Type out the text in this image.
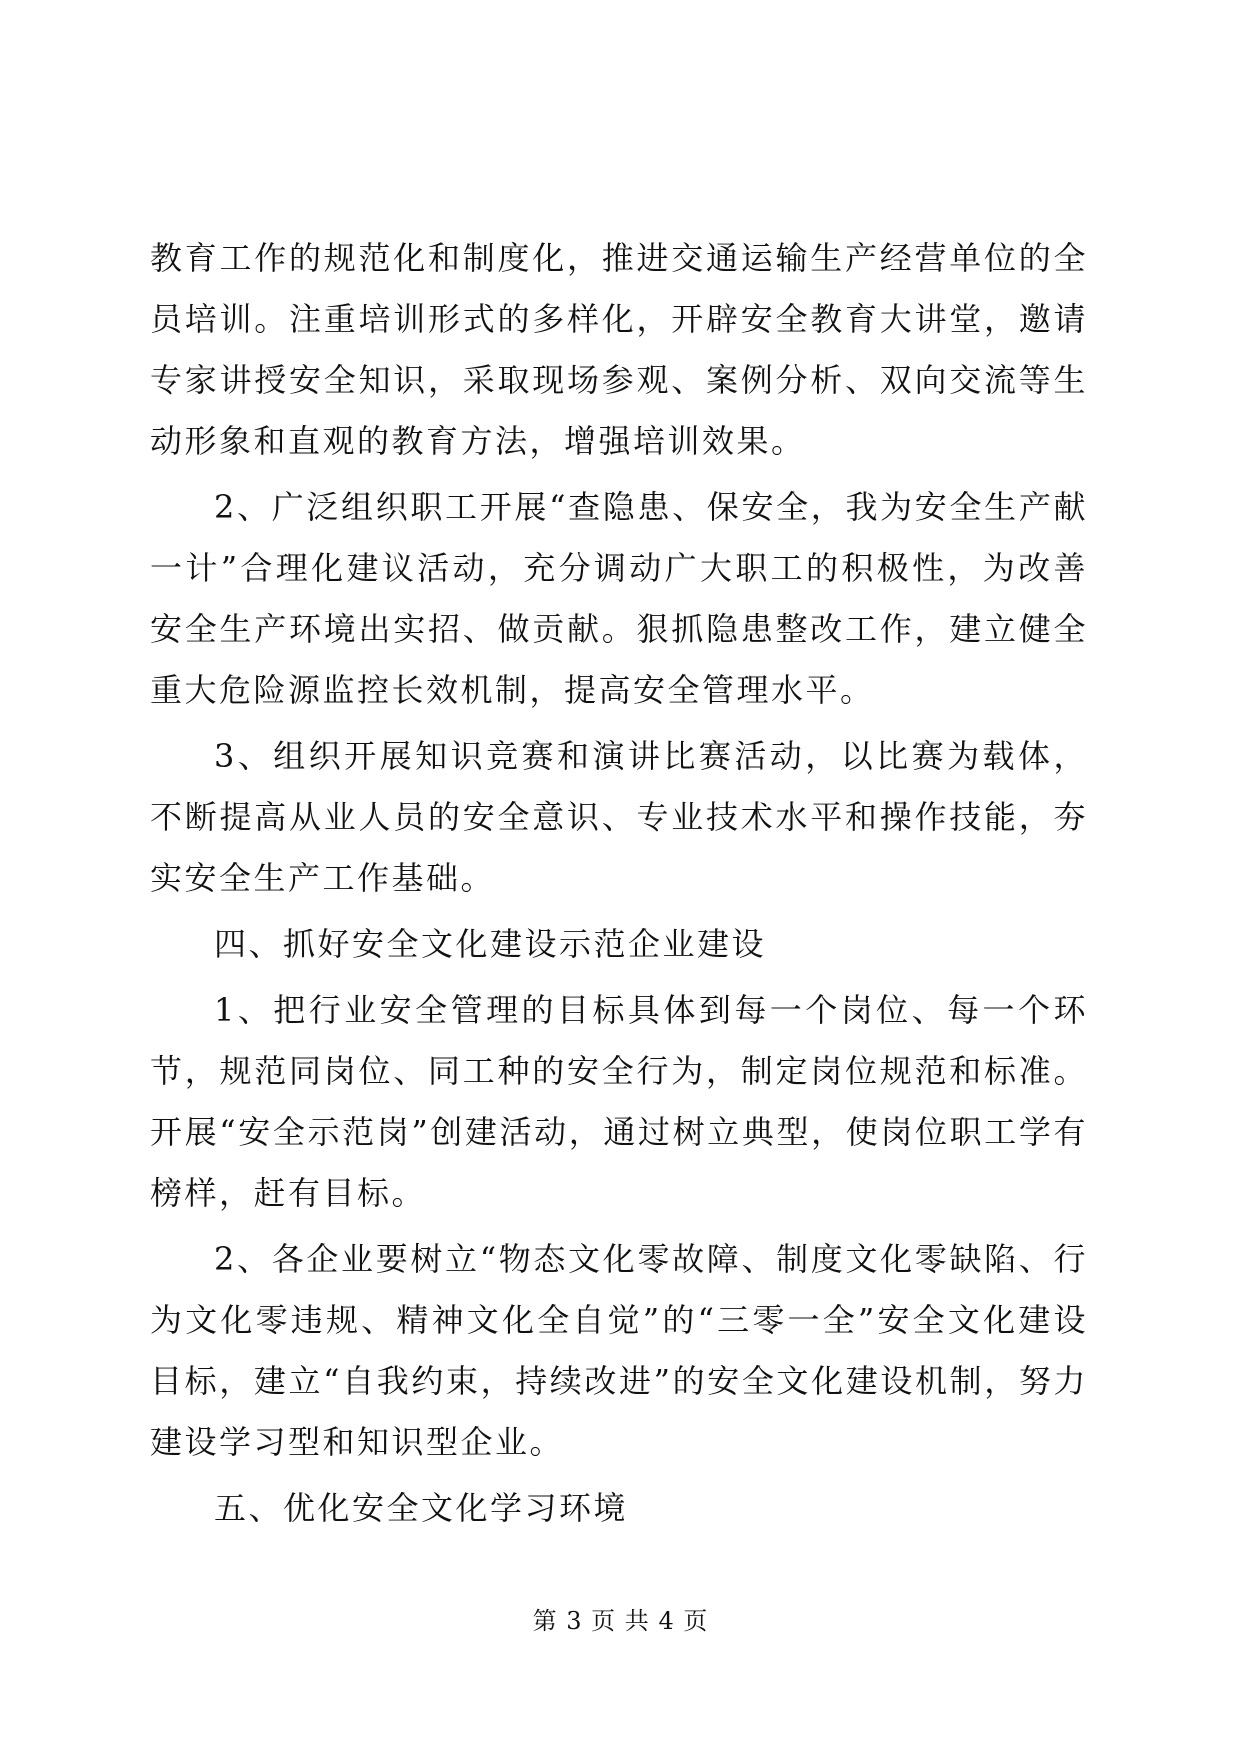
教育工作的规范化和制度化，推进交通运输生产经营单位的全员培训。注重培训形式的多样化，开辟安全教育大讲堂，邀请专家讲授安全知识，采取现场参观、案例分析、双向交流等生动形象和直观的教育方法，增强培训效果。

2、广泛组织职工开展“查隐患、保安全，我为安全生产献一计”合理化建议活动，充分调动广大职工的积极性，为改善安全生产环境出实招、做贡献。狠抓隐患整改工作，建立健全重大危险源监控长效机制，提高安全管理水平。

3、组织开展知识竞赛和演讲比赛活动，以比赛为载体，不断提高从业人员的安全意识、专业技术水平和操作技能，夯实安全生产工作基础。

四、抓好安全文化建设示范企业建设

1、把行业安全管理的目标具体到每一个岗位、每一个环节，规范同岗位、同工种的安全行为，制定岗位规范和标准。开展“安全示范岗”创建活动，通过树立典型，使岗位职工学有榜样，赶有目标。

2、各企业要树立“物态文化零故障、制度文化零缺陷、行为文化零违规、精神文化全自觉”的“三零一全”安全文化建设目标，建立“自我约束，持续改进”的安全文化建设机制，努力建设学习型和知识型企业。

五、优化安全文化学习环境

第 3 页 共 4 页
